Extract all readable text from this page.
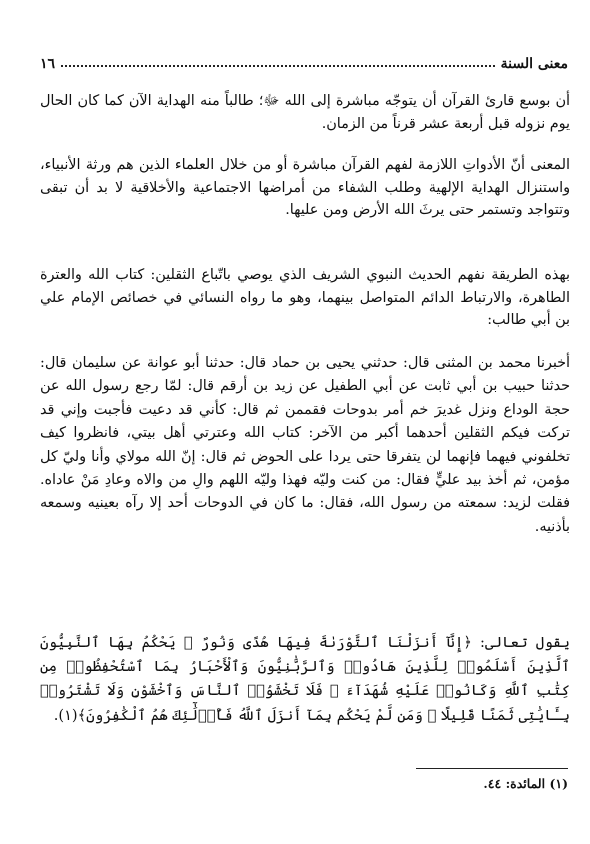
معنى السنة
١٦

أن بوسع قارئ القرآن أن يتوجّه مباشرة إلى الله ﷻ؛ طالباً منه الهداية الآن كما كان الحال يوم نزوله قبل أربعة عشر قرناً من الزمان.

المعنى أنّ الأدواتِ اللازمة لفهم القرآن مباشرة أو من خلال العلماء الذين هم ورثة الأنبياء، واستنزال الهداية الإلهية وطلب الشفاء من أمراضها الاجتماعية والأخلاقية لا بد أن تبقى وتتواجد وتستمر حتى يرثَ الله الأرض ومن عليها.

بهذه الطريقة نفهم الحديث النبوي الشريف الذي يوصي باتّباع الثقلين: كتاب الله والعترة الطاهرة، والارتباط الدائم المتواصل بينهما، وهو ما رواه النسائي في خصائص الإمام علي بن أبي طالب:

أخبرنا محمد بن المثنى قال: حدثني يحيى بن حماد قال: حدثنا أبو عوانة عن سليمان قال: حدثنا حبيب بن أبي ثابت عن أبي الطفيل عن زيد بن أرقم قال: لمّا رجع رسول الله عن حجة الوداع ونزل غديرَ خم أمر بدوحات فقممن ثم قال: كأني قد دعيت فأجبت وإني قد تركت فيكم الثقلين أحدهما أكبر من الآخر: كتاب الله وعترتي أهل بيتي، فانظروا كيف تخلفوني فيهما فإنهما لن يتفرقا حتى يردا على الحوض ثم قال: إنّ الله مولاي وأنا وليّ كل مؤمن، ثم أخذ بيد عليٍّ فقال: من كنت وليّه فهذا وليّه اللهم والِ من والاه وعادِ مَنْ عاداه. فقلت لزيد: سمعته من رسول الله، فقال: ما كان في الدوحات أحد إلا رآه بعينيه وسمعه بأذنيه.

يقول تعالى: ﴿إِنَّآ أَنزَلْنَا ٱلتَّوْرَىٰةَ فِيهَا هُدًى وَنُورٌ ۚ يَحْكُمُ بِهَا ٱلنَّبِيُّونَ ٱلَّذِينَ أَسْلَمُوا۟ لِلَّذِينَ هَادُوا۟ وَٱلرَّبَّٰنِيُّونَ وَٱلْأَحْبَارُ بِمَا ٱسْتُحْفِظُوا۟ مِن كِتَٰبِ ٱللَّهِ وَكَانُوا۟ عَلَيْهِ شُهَدَآءَ ۚ فَلَا تَخْشَوُا۟ ٱلنَّاسَ وَٱخْشَوْنِ وَلَا تَشْتَرُوا۟ بِـَٔايَٰتِى ثَمَنًا قَلِيلًا ۚ وَمَن لَّمْ يَحْكُم بِمَآ أَنزَلَ ٱللَّهُ فَأُو۟لَٰٓئِكَ هُمُ ٱلْكَٰفِرُونَ﴾(١).

(١) المائدة: ٤٤.
